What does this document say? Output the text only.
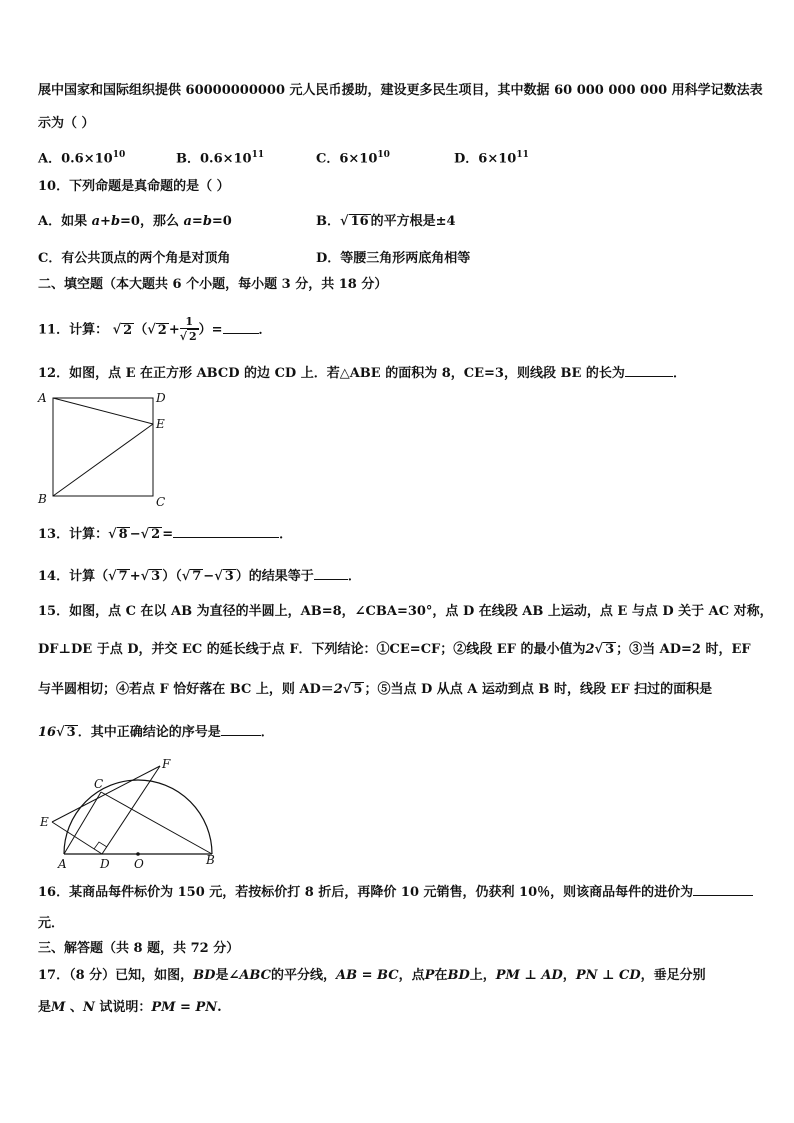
展中国家和国际组织提供 60000000000 元人民币援助，建设更多民生项目，其中数据 60 000 000 000 用科学记数法表
示为（ ）
A．$0.6\times 10^{10}$	B．$0.6\times 10^{11}$	C．$6\times 10^{10}$	D．$6\times 10^{11}$
10．下列命题是真命题的是（ ）
A．如果 a+b=0，那么 a=b=0	B．√ 16 的平方根是±4
C．有公共顶点的两个角是对顶角	D．等腰三角形两底角相等
二、填空题（本大题共 6 个小题，每小题 3 分，共 18 分）
11．计算： √ 2 （√ $2 + \frac{1}{√ 2}$ ）=	．
12．如图，点 E 在正方形 ABCD 的边 CD 上．若△ABE 的面积为 8，CE=3，则线段 BE 的长为	．
A	D
E
B	C
13．计算：√ 8 −√ 2 =	．
14．计算（√ 7 +√ 3 ）（√ 7 −√ 3 ）的结果等于	．
15．如图，点 C 在以 AB 为直径的半圆上，AB=8，∠CBA=30°，点 D 在线段 AB 上运动，点 E 与点 D 关于 AC 对称，
DF⊥DE 于点 D，并交 EC 的延长线于点 F．下列结论：①CE=CF；②线段 EF 的最小值为2√ 3 ；③当 AD=2 时，EF
与半圆相切；④若点 F 恰好落在 BC 上，则 AD＝2√ 5 ；⑤当点 D 从点 A 运动到点 B 时，线段 EF 扫过的面积是
16√ 3 ．其中正确结论的序号是	．
F
C
E
A	D O	B
16．某商品每件标价为 150 元，若按标价打 8 折后，再降价 10 元销售，仍获利 10％，则该商品每件的进价为
元．
三、解答题（共 8 题，共 72 分）
17．（8 分）已知，如图，BD是∠ABC的平分线，AB = BC，点P在BD上，PM ⊥ AD，PN ⊥ CD，垂足分别
是M 、N 试说明：PM = PN.
